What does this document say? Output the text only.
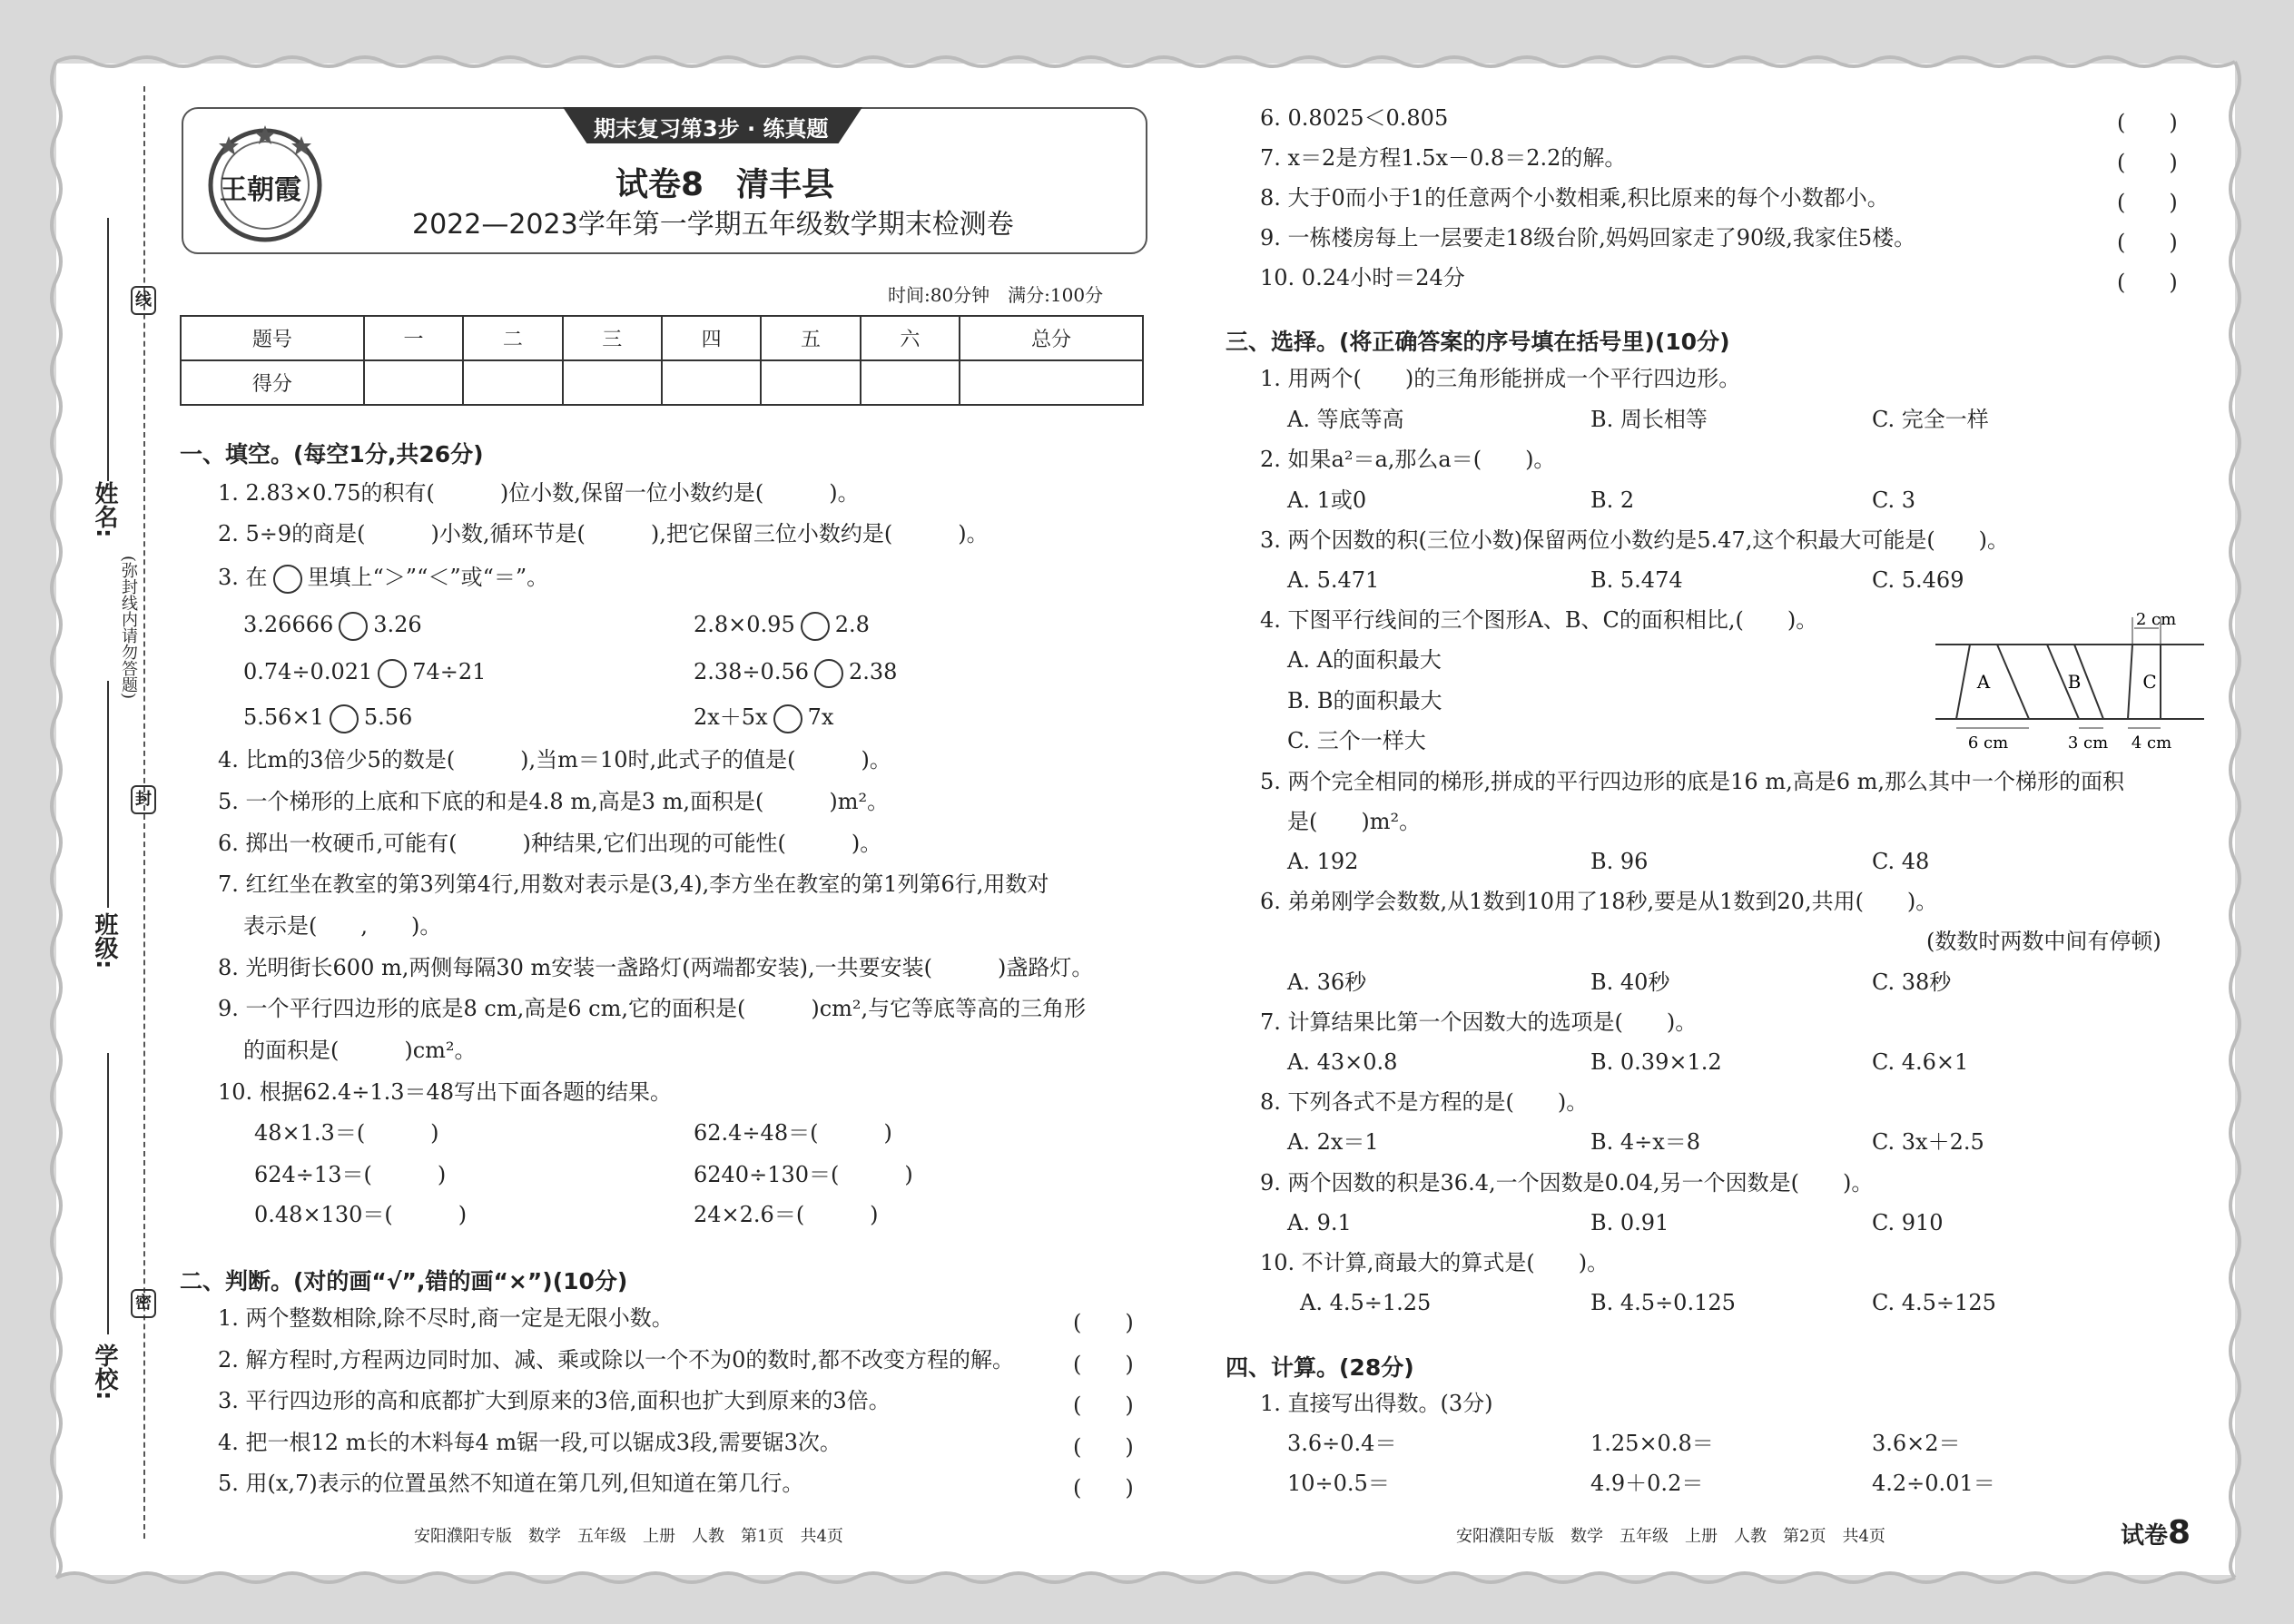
姓名:
班级:
学校:
线
封
密
(弥封线内请勿答题)
王朝霞
期末复习第3步 · 练真题
试卷8　清丰县
2022—2023学年第一学期五年级数学期末检测卷
时间:80分钟　满分:100分
题号	一	二	三	四	五	六	总分
得分							
一、填空。(每空1分,共26分)
1. 2.83×0.75的积有(　　　)位小数,保留一位小数约是(　　　)。
2. 5÷9的商是(　　　)小数,循环节是(　　　),把它保留三位小数约是(　　　)。
3. 在 里填上“＞”“＜”或“＝”。
3.26666 3.26	2.8×0.95 2.8
0.74÷0.021 74÷21	2.38÷0.56 2.38
5.56×1 5.56	2x＋5x 7x
4. 比m的3倍少5的数是(　　　),当m＝10时,此式子的值是(　　　)。
5. 一个梯形的上底和下底的和是4.8 m,高是3 m,面积是(　　　)m²。
6. 掷出一枚硬币,可能有(　　　)种结果,它们出现的可能性(　　　)。
7. 红红坐在教室的第3列第4行,用数对表示是(3,4),李方坐在教室的第1列第6行,用数对
表示是(　　,　　)。
8. 光明街长600 m,两侧每隔30 m安装一盏路灯(两端都安装),一共要安装(　　　)盏路灯。
9. 一个平行四边形的底是8 cm,高是6 cm,它的面积是(　　　)cm²,与它等底等高的三角形
的面积是(　　　)cm²。
10. 根据62.4÷1.3＝48写出下面各题的结果。
48×1.3＝(　　　)	62.4÷48＝(　　　)
624÷13＝(　　　)	6240÷130＝(　　　)
0.48×130＝(　　　)	24×2.6＝(　　　)
二、判断。(对的画“√”,错的画“×”)(10分)
1. 两个整数相除,除不尽时,商一定是无限小数。
2. 解方程时,方程两边同时加、减、乘或除以一个不为0的数时,都不改变方程的解。
3. 平行四边形的高和底都扩大到原来的3倍,面积也扩大到原来的3倍。
4. 把一根12 m长的木料每4 m锯一段,可以锯成3段,需要锯3次。
5. 用(x,7)表示的位置虽然不知道在第几列,但知道在第几行。
(　　)
(　　)
(　　)
(　　)
(　　)
6. 0.8025＜0.805
7. x＝2是方程1.5x－0.8＝2.2的解。
8. 大于0而小于1的任意两个小数相乘,积比原来的每个小数都小。
9. 一栋楼房每上一层要走18级台阶,妈妈回家走了90级,我家住5楼。
10. 0.24小时＝24分
(　　)
(　　)
(　　)
(　　)
(　　)
三、选择。(将正确答案的序号填在括号里)(10分)
1. 用两个(　　)的三角形能拼成一个平行四边形。
A. 等底等高	B. 周长相等	C. 完全一样
2. 如果a²＝a,那么a＝(　　)。
A. 1或0	B. 2	C. 3
3. 两个因数的积(三位小数)保留两位小数约是5.47,这个积最大可能是(　　)。
A. 5.471	B. 5.474	C. 5.469
4. 下图平行线间的三个图形A、B、C的面积相比,(　　)。
A. A的面积最大
B. B的面积最大
C. 三个一样大
A	B	C
2 cm
6 cm	3 cm 4 cm
5. 两个完全相同的梯形,拼成的平行四边形的底是16 m,高是6 m,那么其中一个梯形的面积
是(　　)m²。
A. 192	B. 96	C. 48
6. 弟弟刚学会数数,从1数到10用了18秒,要是从1数到20,共用(　　)。
(数数时两数中间有停顿)
A. 36秒	B. 40秒	C. 38秒
7. 计算结果比第一个因数大的选项是(　　)。
A. 43×0.8	B. 0.39×1.2	C. 4.6×1
8. 下列各式不是方程的是(　　)。
A. 2x＝1	B. 4÷x＝8	C. 3x＋2.5
9. 两个因数的积是36.4,一个因数是0.04,另一个因数是(　　)。
A. 9.1	B. 0.91	C. 910
10. 不计算,商最大的算式是(　　)。
A. 4.5÷1.25	B. 4.5÷0.125	C. 4.5÷125
四、计算。(28分)
1. 直接写出得数。(3分)
3.6÷0.4＝	1.25×0.8＝	3.6×2＝
10÷0.5＝	4.9＋0.2＝	4.2÷0.01＝
安阳濮阳专版　数学　五年级　上册　人教　第1页　共4页	安阳濮阳专版　数学　五年级　上册　人教　第2页　共4页	试卷8
